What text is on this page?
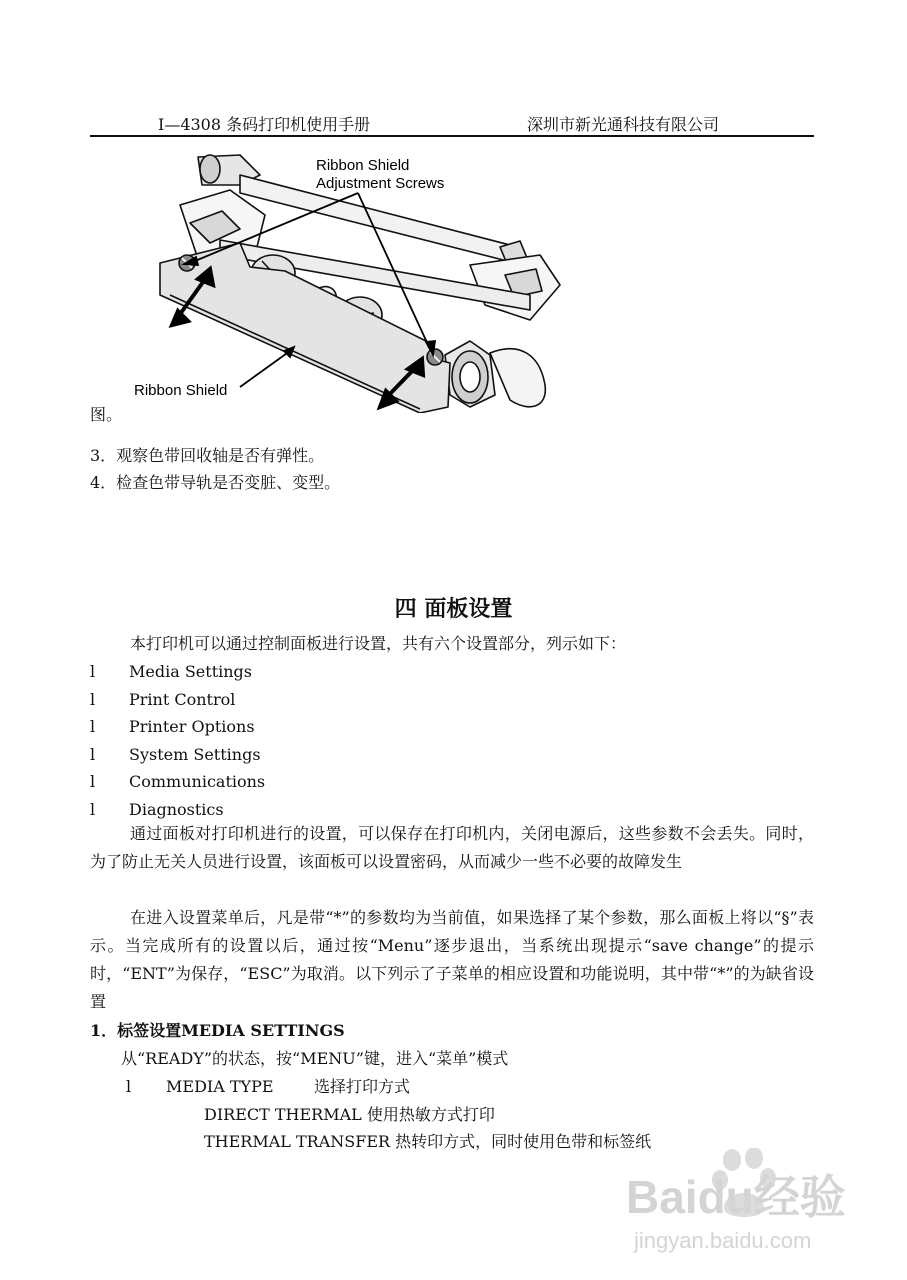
I—4308 条码打印机使用手册	深圳市新光通科技有限公司
Ribbon Shield
Adjustment Screws
Ribbon Shield
图。
3．观察色带回收轴是否有弹性。
4．检查色带导轨是否变脏、变型。
四 面板设置
本打印机可以通过控制面板进行设置，共有六个设置部分，列示如下：
l Media Settings
l Print Control
l Printer Options
l System Settings
l Communications
l Diagnostics
通过面板对打印机进行的设置，可以保存在打印机内，关闭电源后，这些参数不会丢失。同时，为了防止无关人员进行设置，该面板可以设置密码，从而减少一些不必要的故障发生
在进入设置菜单后，凡是带“*”的参数均为当前值，如果选择了某个参数，那么面板上将以“§”表示。当完成所有的设置以后，通过按“Menu”逐步退出，当系统出现提示“save change”的提示时，“ENT”为保存，“ESC”为取消。以下列示了子菜单的相应设置和功能说明，其中带“*”的为缺省设置
1．标签设置MEDIA SETTINGS
从“READY”的状态，按“MENU”键，进入“菜单”模式
l MEDIA TYPE	选择打印方式
DIRECT THERMAL 使用热敏方式打印
THERMAL TRANSFER 热转印方式，同时使用色带和标签纸
Baidu经验
jingyan.baidu.com
